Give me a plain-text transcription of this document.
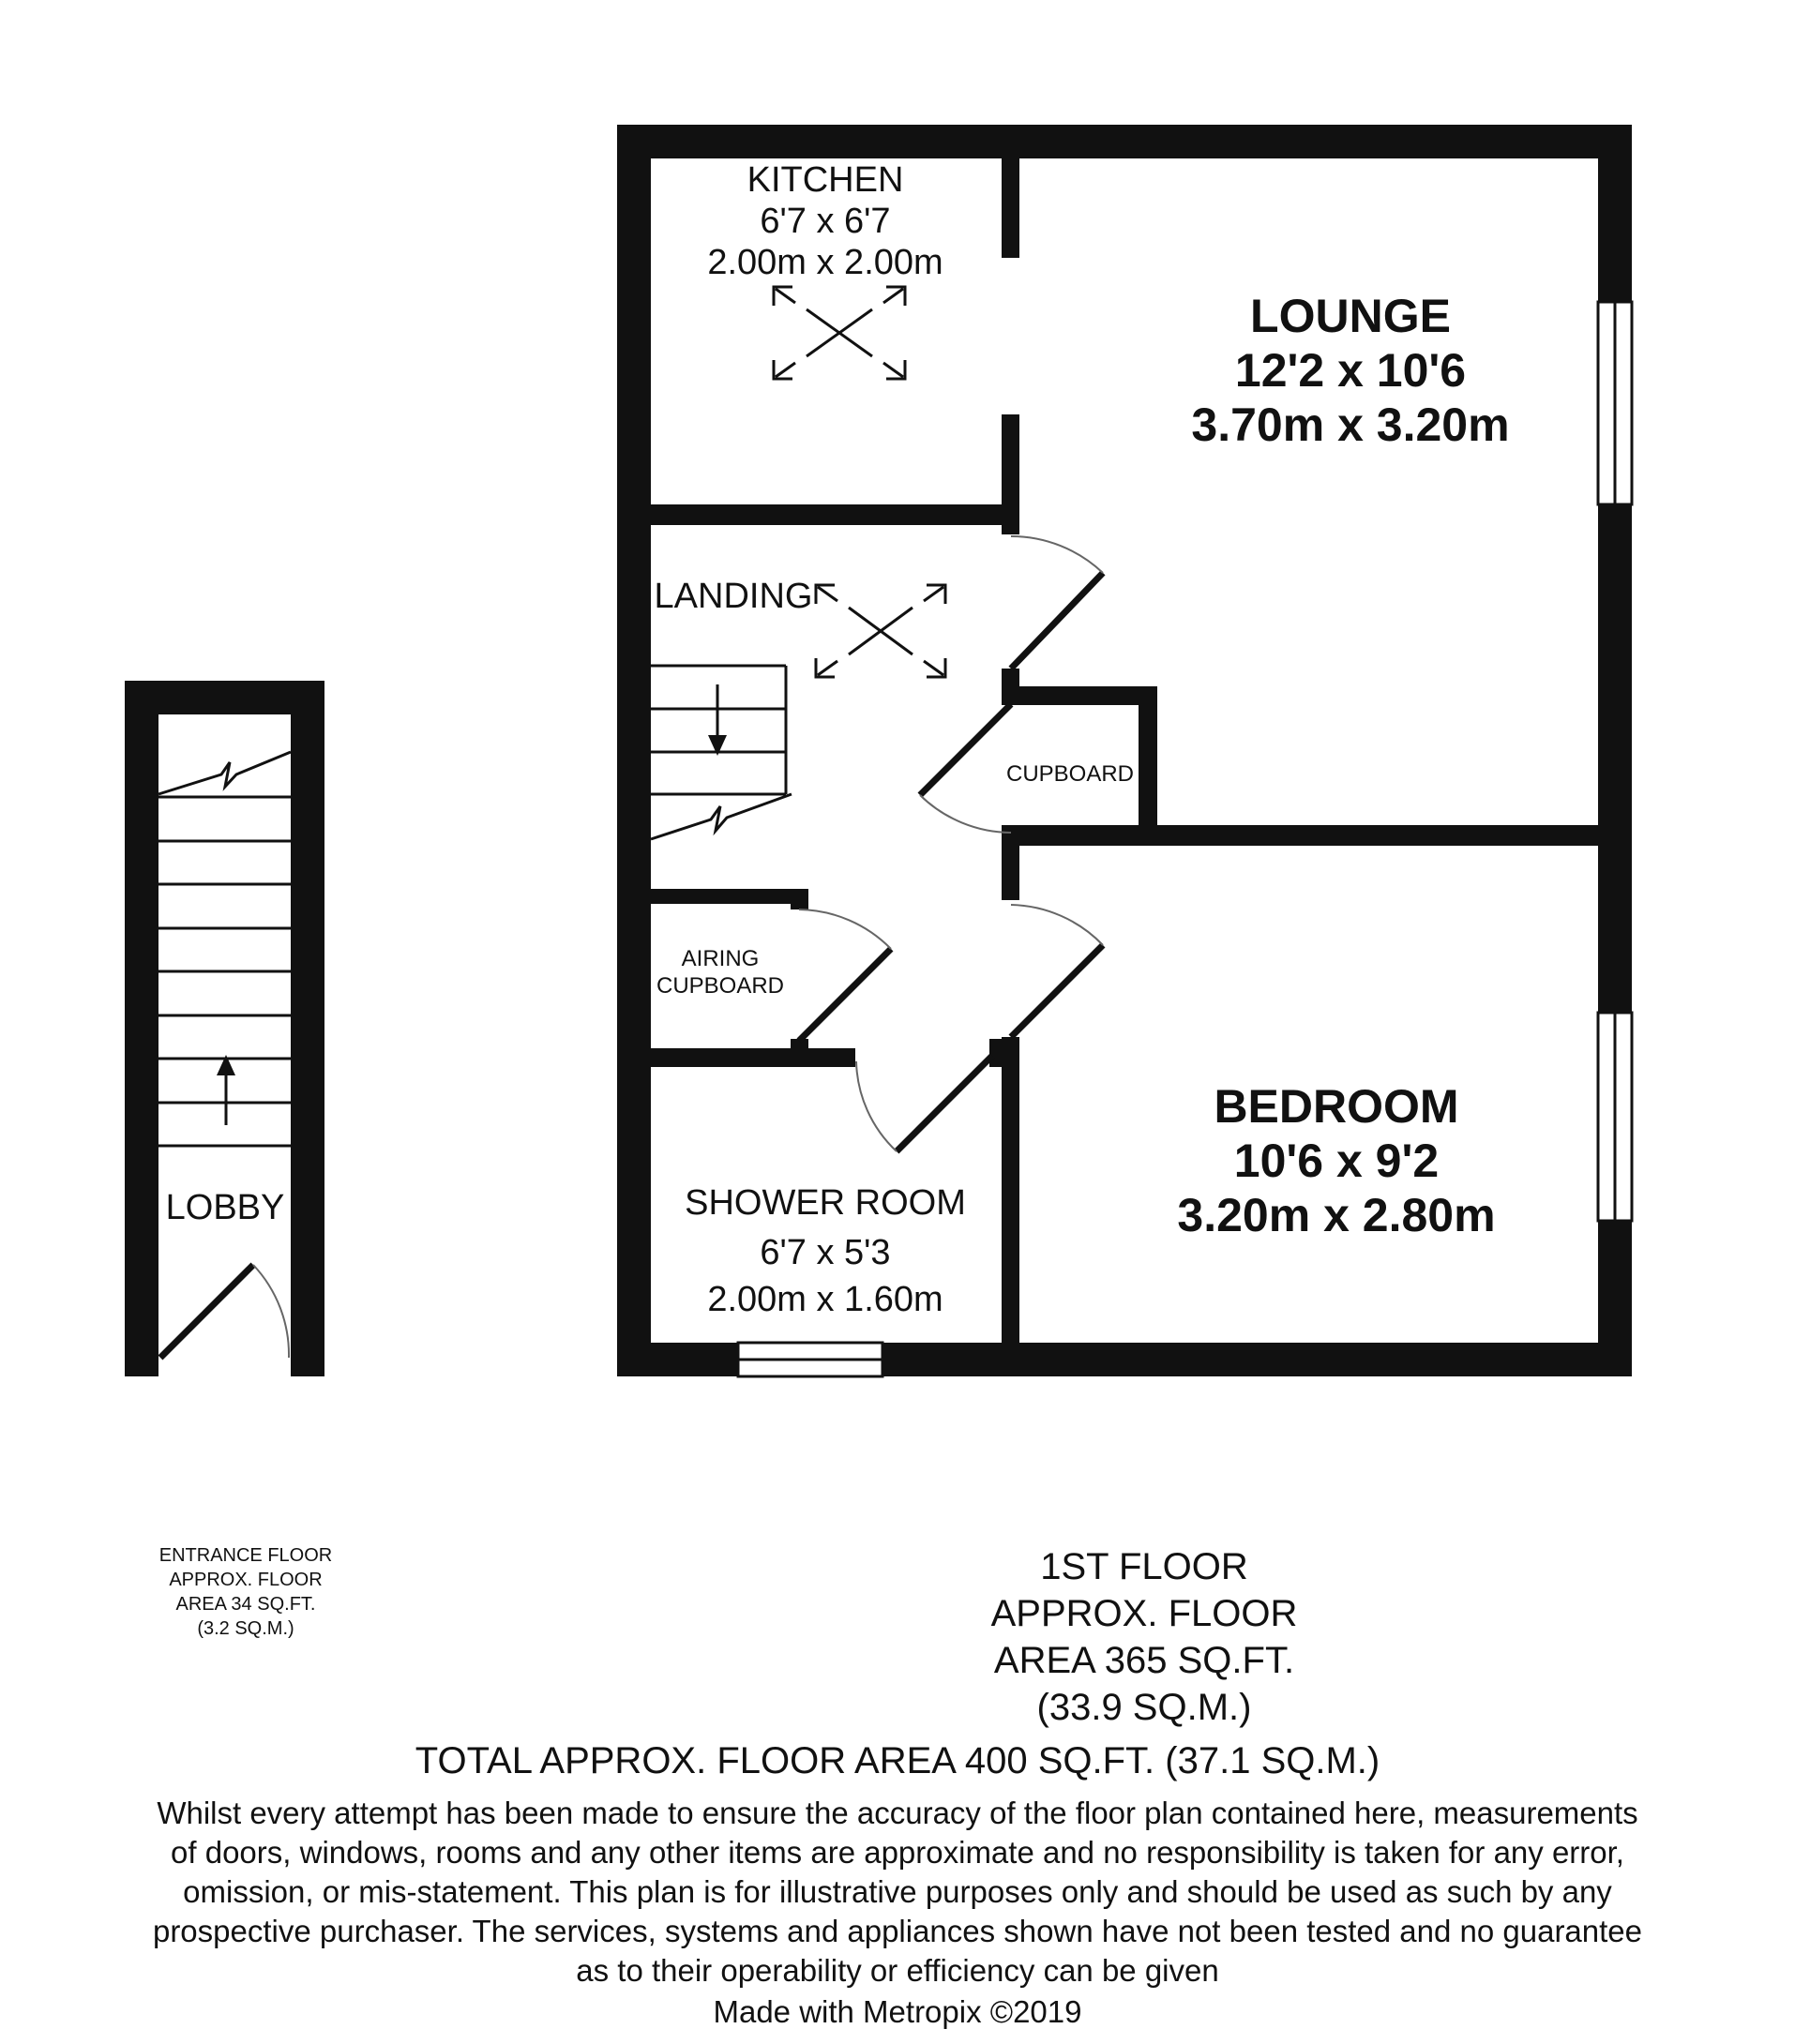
LOBBY
KITCHEN
6'7 x 6'7
2.00m x 2.00m
LOUNGE
12'2 x 10'6
3.70m x 3.20m
LANDING
CUPBOARD
AIRING
CUPBOARD
SHOWER ROOM
6'7 x 5'3
2.00m x 1.60m
BEDROOM
10'6 x 9'2
3.20m x 2.80m
ENTRANCE FLOOR
APPROX. FLOOR
AREA 34 SQ.FT.
(3.2 SQ.M.)
1ST FLOOR
APPROX. FLOOR
AREA 365 SQ.FT.
(33.9 SQ.M.)
TOTAL APPROX. FLOOR AREA 400 SQ.FT. (37.1 SQ.M.)
Whilst every attempt has been made to ensure the accuracy of the floor plan contained here, measurements
of doors, windows, rooms and any other items are approximate and no responsibility is taken for any error,
omission, or mis-statement. This plan is for illustrative purposes only and should be used as such by any
prospective purchaser. The services, systems and appliances shown have not been tested and no guarantee
as to their operability or efficiency can be given
Made with Metropix ©2019
